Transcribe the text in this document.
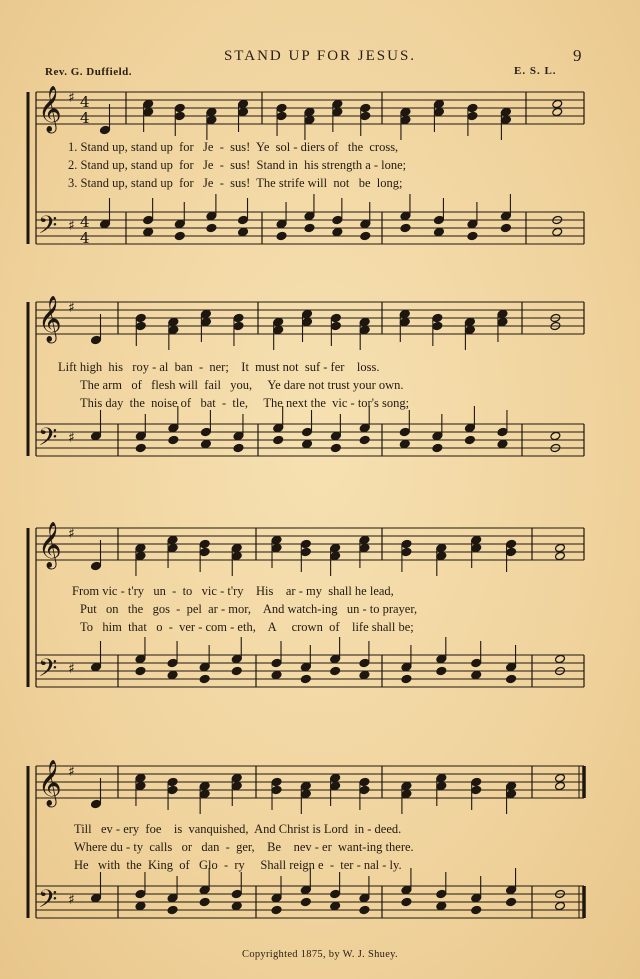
STAND UP FOR JESUS.	9
Rev. G. Duffield.	E. S. L.
𝄞
𝄢
♯
♯
4
4
4
4
𝄞
𝄢
♯
♯
𝄞
𝄢
♯
♯
𝄞
𝄢
♯
♯
1. Stand up, stand up  for   Je  -  sus!  Ye  sol - diers of   the  cross,
2. Stand up, stand up  for   Je  -  sus!  Stand in  his strength a - lone;
3. Stand up, stand up  for   Je  -  sus!  The strife will  not   be  long;
Lift high  his   roy - al  ban  -  ner;    It  must not  suf - fer    loss.
The arm   of   flesh will  fail   you,     Ye dare not trust your own.
This day  the  noise of   bat  -  tle,     The next the  vic - tor's song;
From vic - t'ry   un  -  to   vic - t'ry    His    ar - my  shall he lead,
Put   on   the   gos  -  pel  ar - mor,    And watch-ing   un - to prayer,
To   him  that   o  -  ver - com - eth,    A     crown  of    life shall be;
Till   ev - ery  foe    is  vanquished,  And Christ is Lord  in - deed.
Where du - ty  calls   or   dan  -  ger,    Be    nev - er  want-ing there.
He   with  the  King  of   Glo  -  ry     Shall reign e  -  ter - nal - ly.
Copyrighted 1875, by W. J. Shuey.
